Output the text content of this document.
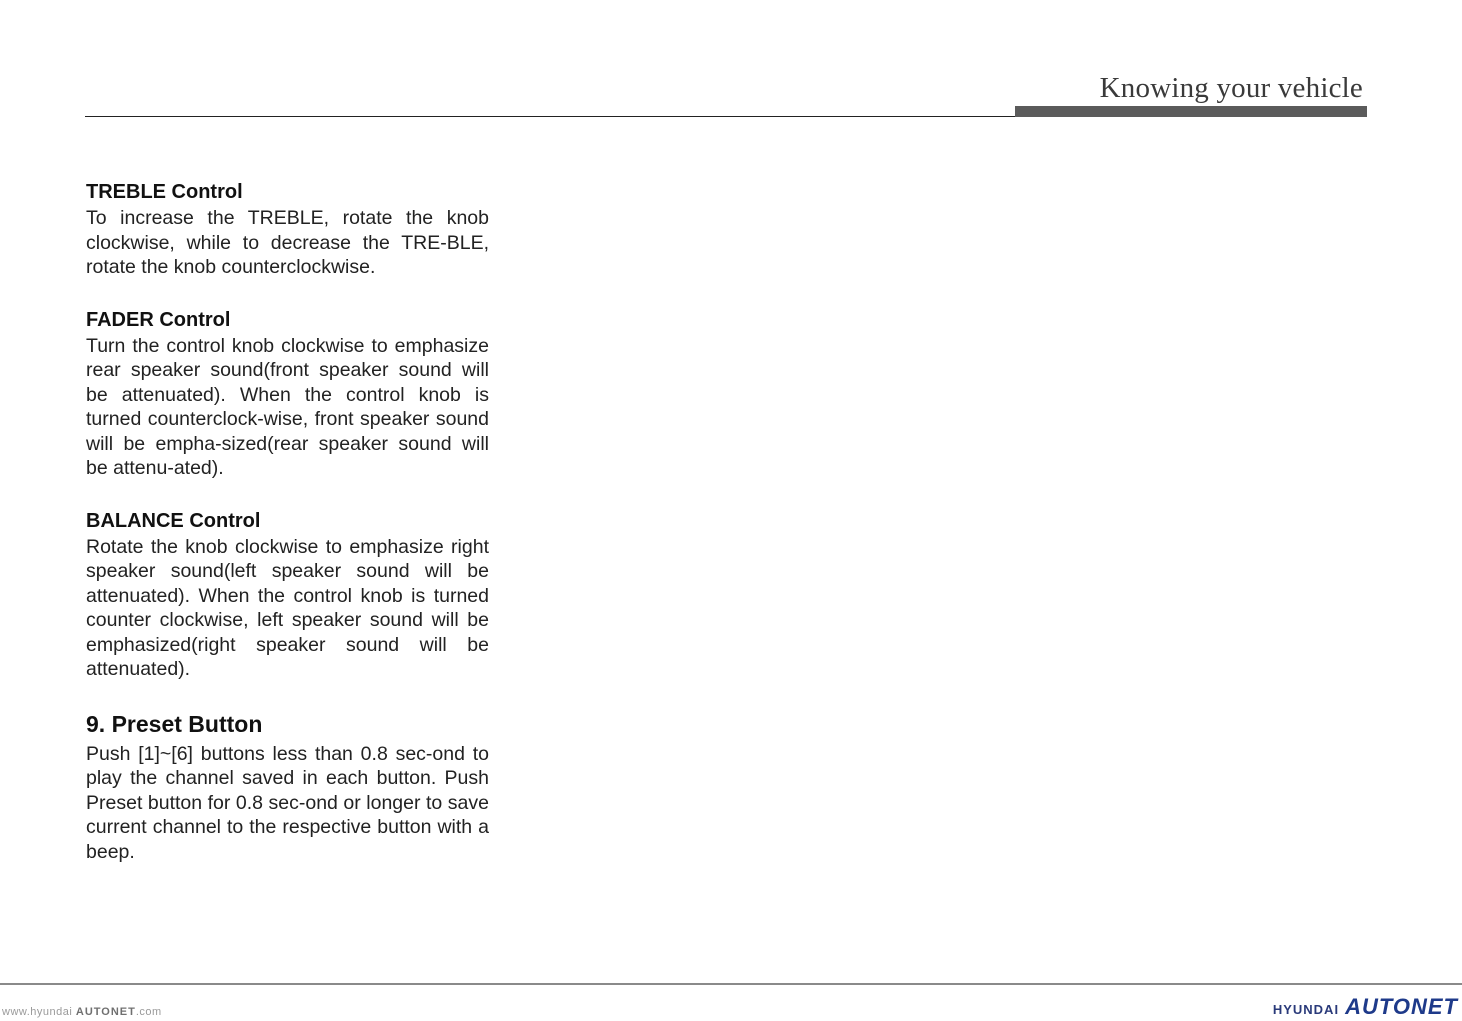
Knowing your vehicle
TREBLE Control

To increase the TREBLE, rotate the knob clockwise, while to decrease the TRE-BLE, rotate the knob counterclockwise.

FADER Control

Turn the control knob clockwise to emphasize rear speaker sound(front speaker sound will be attenuated). When the control knob is turned counterclock-wise, front speaker sound will be empha-sized(rear speaker sound will be attenu-ated).

BALANCE Control

Rotate the knob clockwise to emphasize right speaker sound(left speaker sound will be attenuated). When the control knob is turned counter clockwise, left speaker sound will be emphasized(right speaker sound will be attenuated).

9. Preset Button

Push [1]~[6] buttons less than 0.8 sec-ond to play the channel saved in each button. Push Preset button for 0.8 sec-ond or longer to save current channel to the respective button with a beep.

www.hyundai AUTONET.com	HYUNDAI AUTONET
